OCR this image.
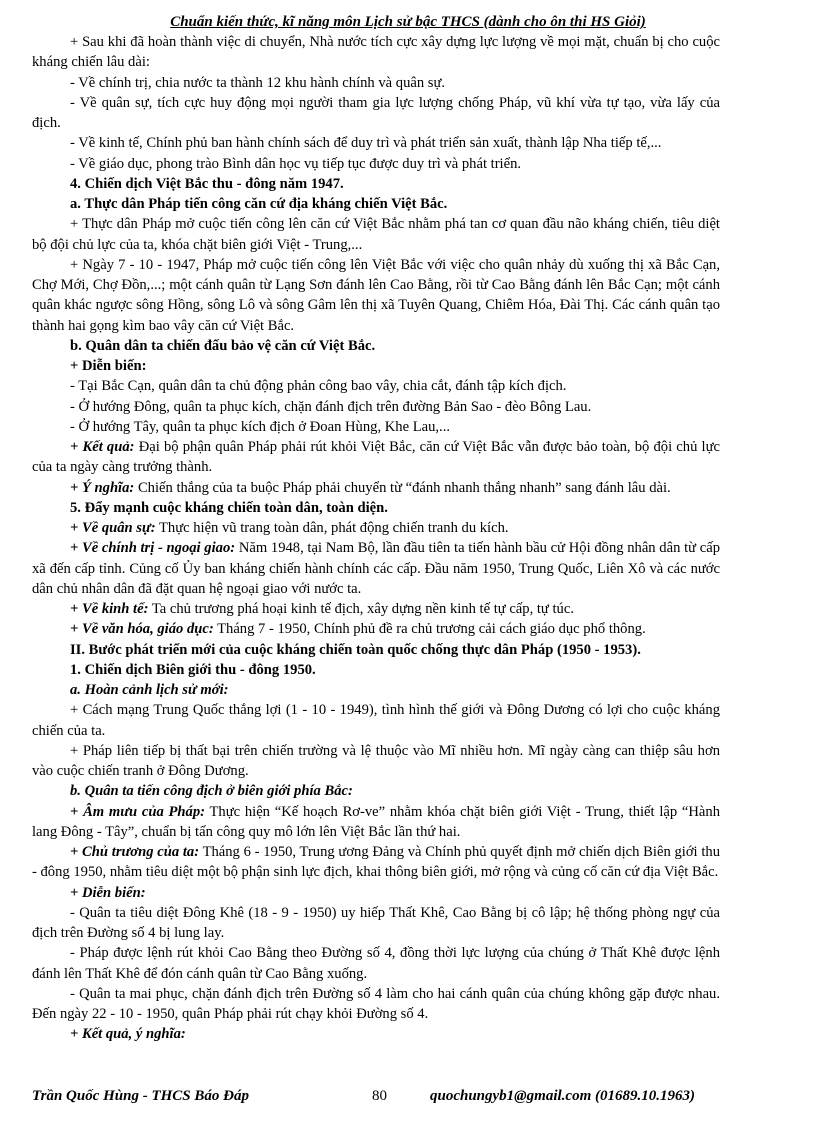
Chuẩn kiến thức, kĩ năng môn Lịch sử bậc THCS (dành cho ôn thi HS Giỏi)

+ Sau khi đã hoàn thành việc di chuyển, Nhà nước tích cực xây dựng lực lượng về mọi mặt, chuẩn bị cho cuộc kháng chiến lâu dài:

- Về chính trị, chia nước ta thành 12 khu hành chính và quân sự.

- Về quân sự, tích cực huy động mọi người tham gia lực lượng chống Pháp, vũ khí vừa tự tạo, vừa lấy của địch.

- Về kinh tế, Chính phủ ban hành chính sách để duy trì và phát triển sản xuất, thành lập Nha tiếp tế,...

- Về giáo dục, phong trào Bình dân học vụ tiếp tục được duy trì và phát triển.

4. Chiến dịch Việt Bắc thu - đông năm 1947.

a. Thực dân Pháp tiến công căn cứ địa kháng chiến Việt Bắc.

+ Thực dân Pháp mở cuộc tiến công lên căn cứ Việt Bắc nhằm phá tan cơ quan đầu não kháng chiến, tiêu diệt bộ đội chủ lực của ta, khóa chặt biên giới Việt - Trung,...

+ Ngày 7 - 10 - 1947, Pháp mở cuộc tiến công lên Việt Bắc với việc cho quân nhảy dù xuống thị xã Bắc Cạn, Chợ Mới, Chợ Đồn,...; một cánh quân từ Lạng Sơn đánh lên Cao Bằng, rồi từ Cao Bằng đánh lên Bắc Cạn; một cánh quân khác ngược sông Hồng, sông Lô và sông Gâm lên thị xã Tuyên Quang, Chiêm Hóa, Đài Thị. Các cánh quân tạo thành hai gọng kìm bao vây căn cứ Việt Bắc.

b. Quân dân ta chiến đấu bảo vệ căn cứ Việt Bắc.

+ Diễn biến:

- Tại Bắc Cạn, quân dân ta chủ động phản công bao vây, chia cắt, đánh tập kích địch.

- Ở hướng Đông, quân ta phục kích, chặn đánh địch trên đường Bản Sao - đèo Bông Lau.

- Ở hướng Tây, quân ta phục kích địch ở Đoan Hùng, Khe Lau,...

+ Kết quả: Đại bộ phận quân Pháp phải rút khỏi Việt Bắc, căn cứ Việt Bắc vẫn được bảo toàn, bộ đội chủ lực của ta ngày càng trưởng thành.

+ Ý nghĩa: Chiến thắng của ta buộc Pháp phải chuyển từ “đánh nhanh thắng nhanh” sang đánh lâu dài.

5. Đẩy mạnh cuộc kháng chiến toàn dân, toàn diện.

+ Về quân sự: Thực hiện vũ trang toàn dân, phát động chiến tranh du kích.

+ Về chính trị - ngoại giao: Năm 1948, tại Nam Bộ, lần đầu tiên ta tiến hành bầu cử Hội đồng nhân dân từ cấp xã đến cấp tỉnh. Củng cố Ủy ban kháng chiến hành chính các cấp. Đầu năm 1950, Trung Quốc, Liên Xô và các nước dân chủ nhân dân đã đặt quan hệ ngoại giao với nước ta.

+ Về kinh tế: Ta chủ trương phá hoại kinh tế địch, xây dựng nền kinh tế tự cấp, tự túc.

+ Về văn hóa, giáo dục: Tháng 7 - 1950, Chính phủ đề ra chủ trương cải cách giáo dục phổ thông.

II. Bước phát triển mới của cuộc kháng chiến toàn quốc chống thực dân Pháp (1950 - 1953).

1. Chiến dịch Biên giới thu - đông 1950.

a. Hoàn cảnh lịch sử mới:

+ Cách mạng Trung Quốc thắng lợi (1 - 10 - 1949), tình hình thế giới và Đông Dương có lợi cho cuộc kháng chiến của ta.

+ Pháp liên tiếp bị thất bại trên chiến trường và lệ thuộc vào Mĩ nhiều hơn. Mĩ ngày càng can thiệp sâu hơn vào cuộc chiến tranh ở Đông Dương.

b. Quân ta tiến công địch ở biên giới phía Bắc:

+ Âm mưu của Pháp: Thực hiện “Kế hoạch Rơ-ve” nhằm khóa chặt biên giới Việt - Trung, thiết lập “Hành lang Đông - Tây”, chuẩn bị tấn công quy mô lớn lên Việt Bắc lần thứ hai.

+ Chủ trương của ta: Tháng 6 - 1950, Trung ương Đảng và Chính phủ quyết định mở chiến dịch Biên giới thu - đông 1950, nhằm tiêu diệt một bộ phận sinh lực địch, khai thông biên giới, mở rộng và củng cố căn cứ địa Việt Bắc.

+ Diễn biến:

- Quân ta tiêu diệt Đông Khê (18 - 9 - 1950) uy hiếp Thất Khê, Cao Bằng bị cô lập; hệ thống phòng ngự của địch trên Đường số 4 bị lung lay.

- Pháp được lệnh rút khỏi Cao Bằng theo Đường số 4, đồng thời lực lượng của chúng ở Thất Khê được lệnh đánh lên Thất Khê để đón cánh quân từ Cao Bằng xuống.

- Quân ta mai phục, chặn đánh địch trên Đường số 4 làm cho hai cánh quân của chúng không gặp được nhau. Đến ngày 22 - 10 - 1950, quân Pháp phải rút chạy khỏi Đường số 4.

+ Kết quả, ý nghĩa:

Trần Quốc Hùng - THCS Báo Đáp	80	quochungyb1@gmail.com (01689.10.1963)
